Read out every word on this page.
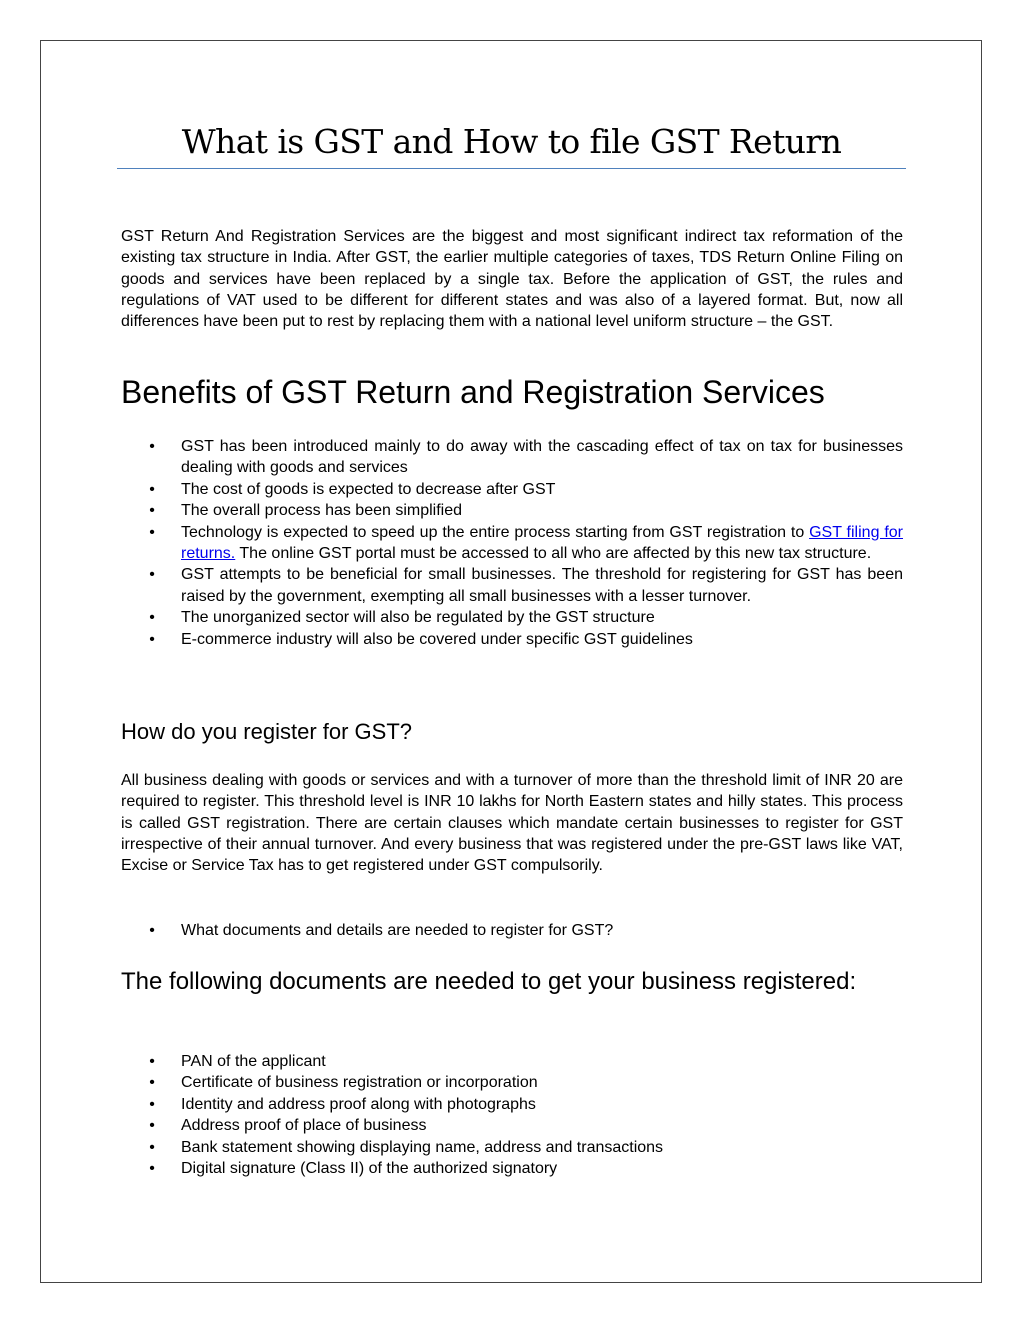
What is GST and How to file GST Return

GST Return And Registration Services are the biggest and most significant indirect tax reformation of the existing tax structure in India. After GST, the earlier multiple categories of taxes, TDS Return Online Filing on goods and services have been replaced by a single tax. Before the application of GST, the rules and regulations of VAT used to be different for different states and was also of a layered format. But, now all differences have been put to rest by replacing them with a national level uniform structure – the GST.

Benefits of GST Return and Registration Services
• GST has been introduced mainly to do away with the cascading effect of tax on tax for businesses dealing with goods and services
• The cost of goods is expected to decrease after GST
• The overall process has been simplified
• Technology is expected to speed up the entire process starting from GST registration to GST filing for returns. The online GST portal must be accessed to all who are affected by this new tax structure.
• GST attempts to be beneficial for small businesses. The threshold for registering for GST has been raised by the government, exempting all small businesses with a lesser turnover.
• The unorganized sector will also be regulated by the GST structure
• E-commerce industry will also be covered under specific GST guidelines
How do you register for GST?

All business dealing with goods or services and with a turnover of more than the threshold limit of INR 20 are required to register. This threshold level is INR 10 lakhs for North Eastern states and hilly states. This process is called GST registration. There are certain clauses which mandate certain businesses to register for GST irrespective of their annual turnover. And every business that was registered under the pre-GST laws like VAT, Excise or Service Tax has to get registered under GST compulsorily.

• What documents and details are needed to register for GST?
The following documents are needed to get your business registered:
• PAN of the applicant
• Certificate of business registration or incorporation
• Identity and address proof along with photographs
• Address proof of place of business
• Bank statement showing displaying name, address and transactions
• Digital signature (Class II) of the authorized signatory
